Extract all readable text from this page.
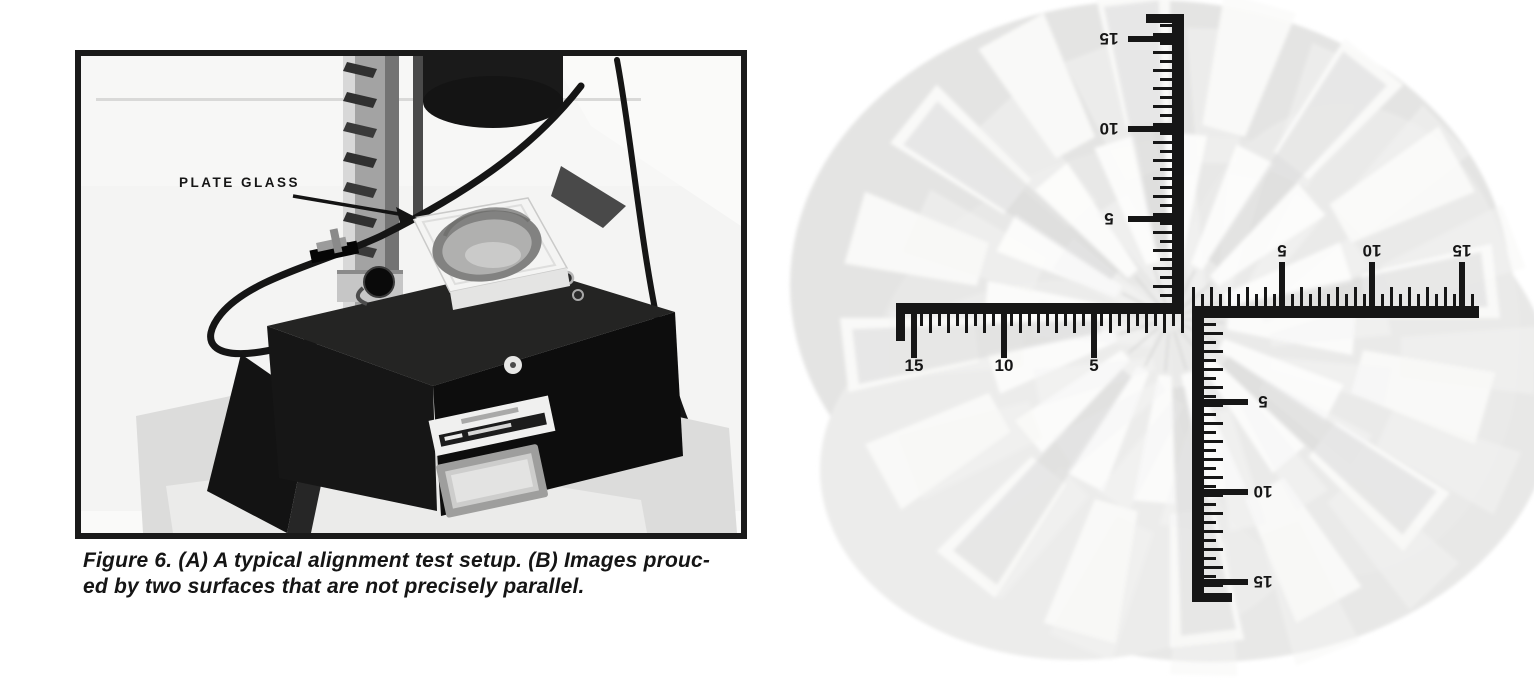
PLATE GLASS
Figure 6. (A) A typical alignment test setup. (B) Images prouc-
ed by two surfaces that are not precisely parallel.
15
10
5
15	10	5
5	10	15
5
10
15
